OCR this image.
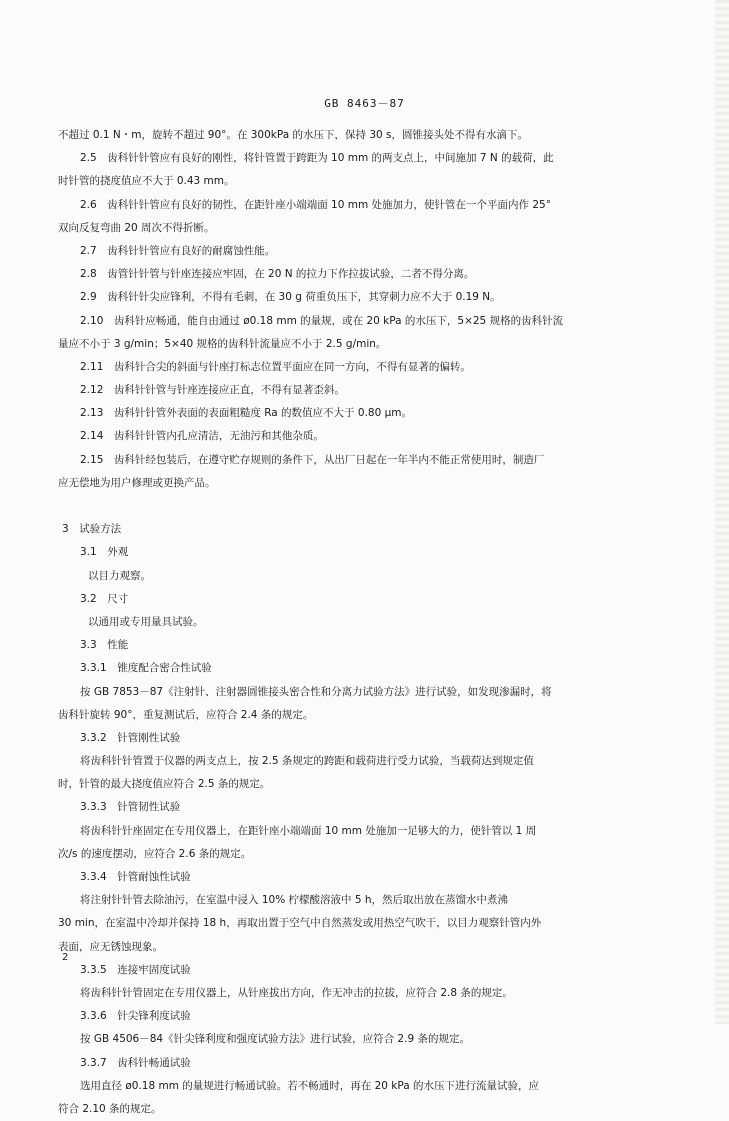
GB 8463－87
不超过 0.1 N・m，旋转不超过 90°。在 300kPa 的水压下，保持 30 s，圆锥接头处不得有水滴下。
2.5　齿科针针管应有良好的刚性，将针管置于跨距为 10 mm 的两支点上，中间施加 7 N 的载荷，此
时针管的挠度值应不大于 0.43 mm。
2.6　齿科针针管应有良好的韧性，在距针座小端端面 10 mm 处施加力，使针管在一个平面内作 25°
双向反复弯曲 20 周次不得折断。
2.7　齿科针针管应有良好的耐腐蚀性能。
2.8　齿管针针管与针座连接应牢固，在 20 N 的拉力下作拉拔试验，二者不得分离。
2.9　齿科针针尖应锋利，不得有毛刺，在 30 g 荷重负压下，其穿刺力应不大于 0.19 N。
2.10　齿科针应畅通，能自由通过 ø0.18 mm 的量规，或在 20 kPa 的水压下，5×25 规格的齿科针流
量应不小于 3 g/min；5×40 规格的齿科针流量应不小于 2.5 g/min。
2.11　齿科针合尖的斜面与针座打标志位置平面应在同一方向，不得有显著的偏转。
2.12　齿科针针管与针座连接应正直，不得有显著歪斜。
2.13　齿科针针管外表面的表面粗糙度 Ra 的数值应不大于 0.80 μm。
2.14　齿科针针管内孔应清洁，无油污和其他杂质。
2.15　齿科针经包装后，在遵守贮存规则的条件下，从出厂日起在一年半内不能正常使用时，制造厂
应无偿地为用户修理或更换产品。
3　试验方法
3.1　外观
以目力观察。
3.2　尺寸
以通用或专用量具试验。
3.3　性能
3.3.1　锥度配合密合性试验
按 GB 7853－87《注射针、注射器圆锥接头密合性和分离力试验方法》进行试验，如发现渗漏时，将
齿科针旋转 90°，重复测试后，应符合 2.4 条的规定。
3.3.2　针管刚性试验
将齿科针针管置于仪器的两支点上，按 2.5 条规定的跨距和载荷进行受力试验，当载荷达到规定值
时，针管的最大挠度值应符合 2.5 条的规定。
3.3.3　针管韧性试验
将齿科针针座固定在专用仪器上，在距针座小端端面 10 mm 处施加一足够大的力，使针管以 1 周
次/s 的速度摆动，应符合 2.6 条的规定。
3.3.4　针管耐蚀性试验
将注射针针管去除油污，在室温中浸入 10% 柠檬酸溶液中 5 h，然后取出放在蒸馏水中煮沸
30 min，在室温中冷却并保持 18 h，再取出置于空气中自然蒸发或用热空气吹干，以目力观察针管内外
表面，应无锈蚀现象。
3.3.5　连接牢固度试验
将齿科针针管固定在专用仪器上，从针座拔出方向，作无冲击的拉拔，应符合 2.8 条的规定。
3.3.6　针尖锋利度试验
按 GB 4506－84《针尖锋利度和强度试验方法》进行试验，应符合 2.9 条的规定。
3.3.7　齿科针畅通试验
选用直径 ø0.18 mm 的量规进行畅通试验。若不畅通时，再在 20 kPa 的水压下进行流量试验，应
符合 2.10 条的规定。
2
